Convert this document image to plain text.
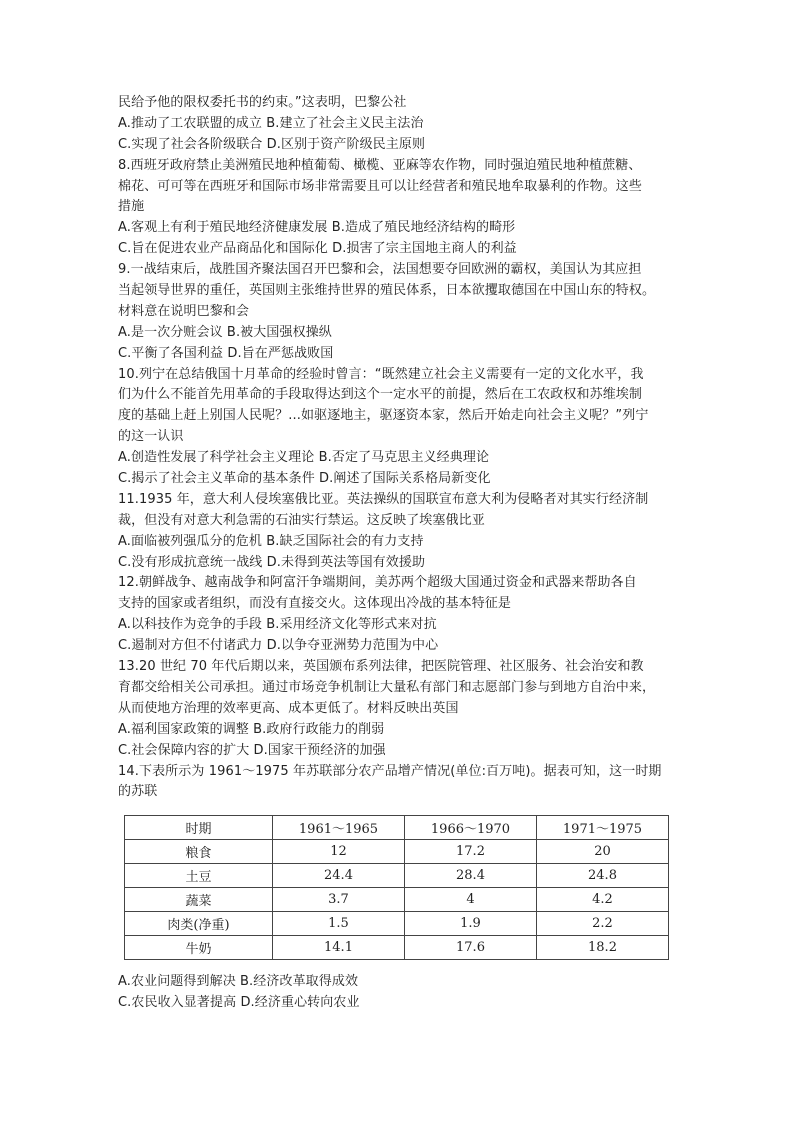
民给予他的限权委托书的约束。”这表明，巴黎公社
A.推动了工农联盟的成立 B.建立了社会主义民主法治
C.实现了社会各阶级联合 D.区别于资产阶级民主原则
8.西班牙政府禁止美洲殖民地种植葡萄、橄榄、亚麻等农作物，同时强迫殖民地种植蔗糖、
棉花、可可等在西班牙和国际市场非常需要且可以让经营者和殖民地牟取暴利的作物。这些
措施
A.客观上有利于殖民地经济健康发展 B.造成了殖民地经济结构的畸形
C.旨在促进农业产品商品化和国际化 D.损害了宗主国地主商人的利益
9.一战结束后，战胜国齐聚法国召开巴黎和会，法国想要夺回欧洲的霸权，美国认为其应担
当起领导世界的重任，英国则主张维持世界的殖民体系，日本欲攫取德国在中国山东的特权。
材料意在说明巴黎和会
A.是一次分赃会议 B.被大国强权操纵
C.平衡了各国利益 D.旨在严惩战败国
10.列宁在总结俄国十月革命的经验时曾言：“既然建立社会主义需要有一定的文化水平，我
们为什么不能首先用革命的手段取得达到这个一定水平的前提，然后在工农政权和苏维埃制
度的基础上赶上别国人民呢？...如驱逐地主，驱逐资本家，然后开始走向社会主义呢？”列宁
的这一认识
A.创造性发展了科学社会主义理论 B.否定了马克思主义经典理论
C.揭示了社会主义革命的基本条件 D.阐述了国际关系格局新变化
11.1935 年，意大利人侵埃塞俄比亚。英法操纵的国联宣布意大利为侵略者对其实行经济制
裁，但没有对意大利急需的石油实行禁运。这反映了埃塞俄比亚
A.面临被列强瓜分的危机 B.缺乏国际社会的有力支持
C.没有形成抗意统一战线 D.未得到英法等国有效援助
12.朝鲜战争、越南战争和阿富汗争端期间，美苏两个超级大国通过资金和武器来帮助各自
支持的国家或者组织，而没有直接交火。这体现出冷战的基本特征是
A.以科技作为竞争的手段 B.采用经济文化等形式来对抗
C.遏制对方但不付诸武力 D.以争夺亚洲势力范围为中心
13.20 世纪 70 年代后期以来，英国颁布系列法律，把医院管理、社区服务、社会治安和教
育都交给相关公司承担。通过市场竞争机制让大量私有部门和志愿部门参与到地方自治中来，
从而使地方治理的效率更高、成本更低了。材料反映出英国
A.福利国家政策的调整 B.政府行政能力的削弱
C.社会保障内容的扩大 D.国家干预经济的加强
14.下表所示为 1961～1975 年苏联部分农产品增产情况(单位:百万吨)。据表可知，这一时期
的苏联
时期	1961～1965	1966～1970	1971～1975
粮食	12	17.2	20
土豆	24.4	28.4	24.8
蔬菜	3.7	4	4.2
肉类(净重)	1.5	1.9	2.2
牛奶	14.1	17.6	18.2
A.农业问题得到解决 B.经济改革取得成效
C.农民收入显著提高 D.经济重心转向农业
